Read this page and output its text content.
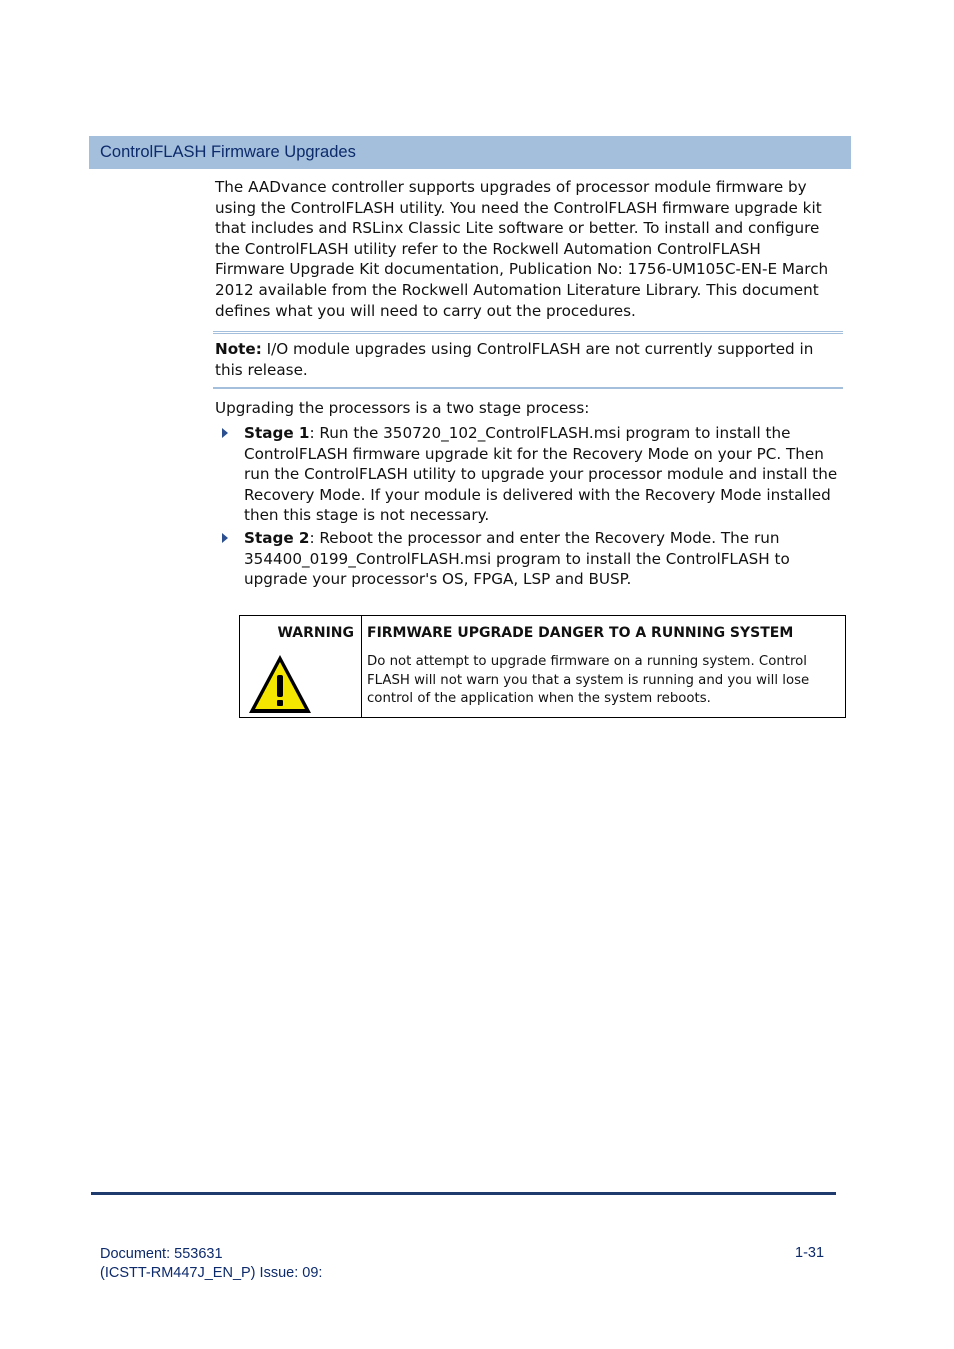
ControlFLASH Firmware Upgrades

The AADvance controller supports upgrades of processor module firmware by using the ControlFLASH utility. You need the ControlFLASH firmware upgrade kit that includes and RSLinx Classic Lite software or better. To install and configure the ControlFLASH utility refer to the Rockwell Automation ControlFLASH Firmware Upgrade Kit documentation, Publication No: 1756-UM105C-EN-E March 2012 available from the Rockwell Automation Literature Library. This document defines what you will need to carry out the procedures.

Note: I/O module upgrades using ControlFLASH are not currently supported in this release.

Upgrading the processors is a two stage process:

Stage 1: Run the 350720_102_ControlFLASH.msi program to install the ControlFLASH firmware upgrade kit for the Recovery Mode on your PC. Then run the ControlFLASH utility to upgrade your processor module and install the Recovery Mode. If your module is delivered with the Recovery Mode installed then this stage is not necessary.

Stage 2: Reboot the processor and enter the Recovery Mode. The run 354400_0199_ControlFLASH.msi program to install the ControlFLASH to upgrade your processor's OS, FPGA, LSP and BUSP.

WARNING FIRMWARE UPGRADE DANGER TO A RUNNING SYSTEM

Do not attempt to upgrade firmware on a running system. Control FLASH will not warn you that a system is running and you will lose control of the application when the system reboots.

Document: 553631
(ICSTT-RM447J_EN_P) Issue: 09:
1-31
